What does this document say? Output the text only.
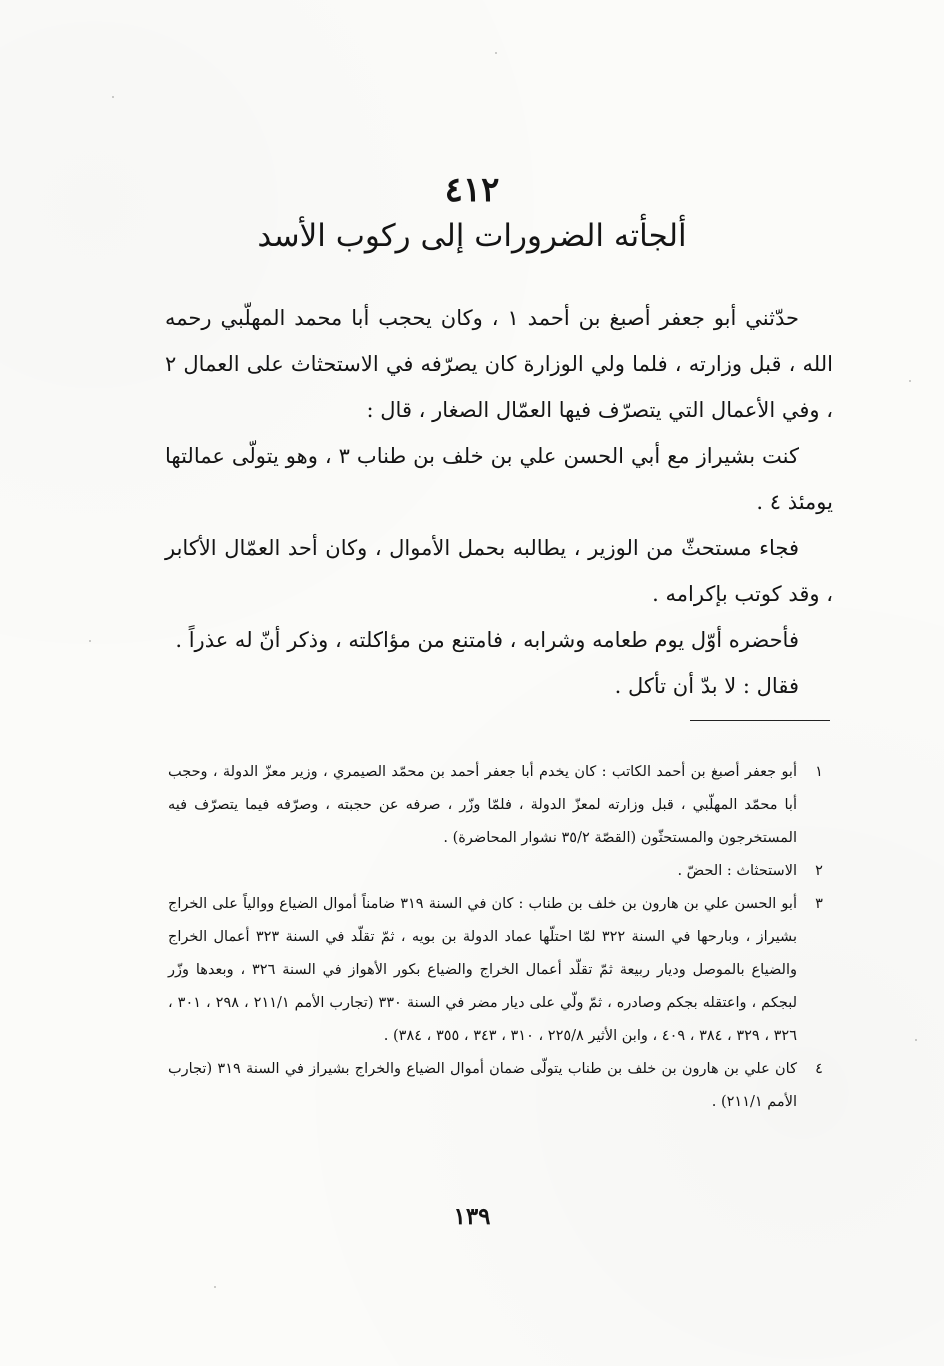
٤١٢
ألجأته الضرورات إلى ركوب الأسد

حدّثني أبو جعفر أصبغ بن أحمد ١ ، وكان يحجب أبا محمد المهلّبي رحمه الله ، قبل وزارته ، فلما ولي الوزارة كان يصرّفه في الاستحثاث على العمال ٢ ، وفي الأعمال التي يتصرّف فيها العمّال الصغار ، قال :

كنت بشيراز مع أبي الحسن علي بن خلف بن طناب ٣ ، وهو يتولّى عمالتها يومئذ ٤ .

فجاء مستحثّ من الوزير ، يطالبه بحمل الأموال ، وكان أحد العمّال الأكابر ، وقد كوتب بإكرامه .

فأحضره أوّل يوم طعامه وشرابه ، فامتنع من مؤاكلته ، وذكر أنّ له عذراً .

فقال : لا بدّ أن تأكل .

١
أبو جعفر أصبغ بن أحمد الكاتب : كان يخدم أبا جعفر أحمد بن محمّد الصيمري ، وزير معزّ الدولة ، وحجب أبا محمّد المهلّبي ، قبل وزارته لمعزّ الدولة ، فلمّا وزّر ، صرفه عن حجبته ، وصرّفه فيما يتصرّف فيه المستخرجون والمستحثّون (القصّة ٣٥/٢ نشوار المحاضرة) .
٢
الاستحثاث : الحضّ .
٣
أبو الحسن علي بن هارون بن خلف بن طناب : كان في السنة ٣١٩ ضامناً أموال الضياع ووالياً على الخراج بشيراز ، وبارحها في السنة ٣٢٢ لمّا احتلّها عماد الدولة بن بويه ، ثمّ تقلّد في السنة ٣٢٣ أعمال الخراج والضياع بالموصل وديار ربيعة ثمّ تقلّد أعمال الخراج والضياع بكور الأهواز في السنة ٣٢٦ ، وبعدها وزّر لبجكم ، واعتقله بجكم وصادره ، ثمّ ولّي على ديار مضر في السنة ٣٣٠ (تجارب الأمم ٢١١/١ ، ٢٩٨ ، ٣٠١ ، ٣٢٦ ، ٣٢٩ ، ٣٨٤ ، ٤٠٩ ، وابن الأثير ٢٢٥/٨ ، ٣١٠ ، ٣٤٣ ، ٣٥٥ ، ٣٨٤) .
٤
كان علي بن هارون بن خلف بن طناب يتولّى ضمان أموال الضياع والخراج بشيراز في السنة ٣١٩ (تجارب الأمم ٢١١/١) .
١٣٩
